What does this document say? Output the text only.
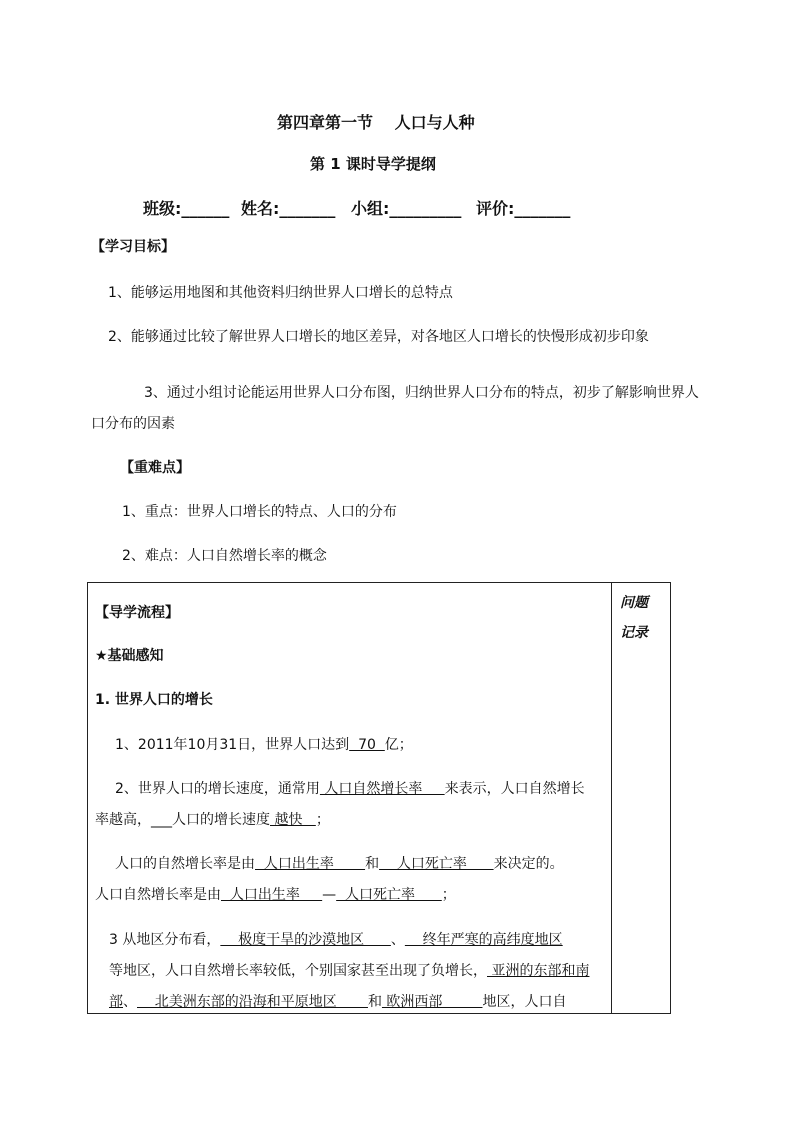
第四章第一节　 人口与人种
第 1 课时导学提纲
班级:______ 姓名:_______ 小组:_________ 评价:_______
【学习目标】
1、能够运用地图和其他资料归纳世界人口增长的总特点
2、能够通过比较了解世界人口增长的地区差异，对各地区人口增长的快慢形成初步印象
3、通过小组讨论能运用世界人口分布图，归纳世界人口分布的特点，初步了解影响世界人
口分布的因素
【重难点】
1、重点：世界人口增长的特点、人口的分布
2、难点：人口自然增长率的概念
问题
记录
【导学流程】
★基础感知
1. 世界人口的增长
1、2011年10月31日，世界人口达到  70  亿；
2、世界人口的增长速度，通常用 人口自然增长率     来表示，人口自然增长
率越高，___人口的增长速度 越快   ；
人口的自然增长率是由  人口出生率       和    人口死亡率      来决定的。
人口自然增长率是由  人口出生率     —  人口死亡率      ；
3 从地区分布看，    极度干旱的沙漠地区      、    终年严寒的高纬度地区
等地区，人口自然增长率较低，个别国家甚至出现了负增长， 亚洲的东部和南
部、    北美洲东部的沿海和平原地区       和 欧洲西部         地区，人口自
